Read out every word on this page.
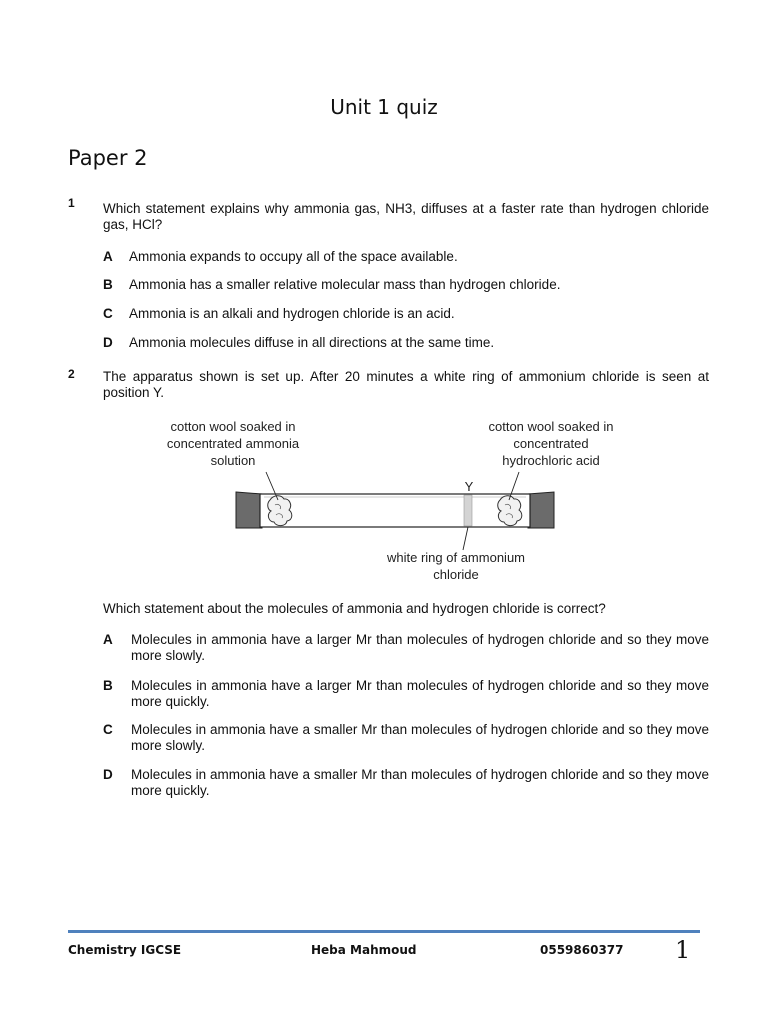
Unit 1 quiz
Paper 2
1 Which statement explains why ammonia gas, NH3, diffuses at a faster rate than hydrogen chloride gas, HCl?
A Ammonia expands to occupy all of the space available.
B Ammonia has a smaller relative molecular mass than hydrogen chloride.
C Ammonia is an alkali and hydrogen chloride is an acid.
D Ammonia molecules diffuse in all directions at the same time.
2 The apparatus shown is set up. After 20 minutes a white ring of ammonium chloride is seen at position Y.
cotton wool soaked in concentrated ammonia solution
cotton wool soaked in concentrated hydrochloric acid
Y
white ring of ammonium chloride
Which statement about the molecules of ammonia and hydrogen chloride is correct?
A Molecules in ammonia have a larger Mr than molecules of hydrogen chloride and so they move more slowly.
B Molecules in ammonia have a larger Mr than molecules of hydrogen chloride and so they move more quickly.
C Molecules in ammonia have a smaller Mr than molecules of hydrogen chloride and so they move more slowly.
D Molecules in ammonia have a smaller Mr than molecules of hydrogen chloride and so they move more quickly.
Chemistry IGCSE	Heba Mahmoud	0559860377 1
